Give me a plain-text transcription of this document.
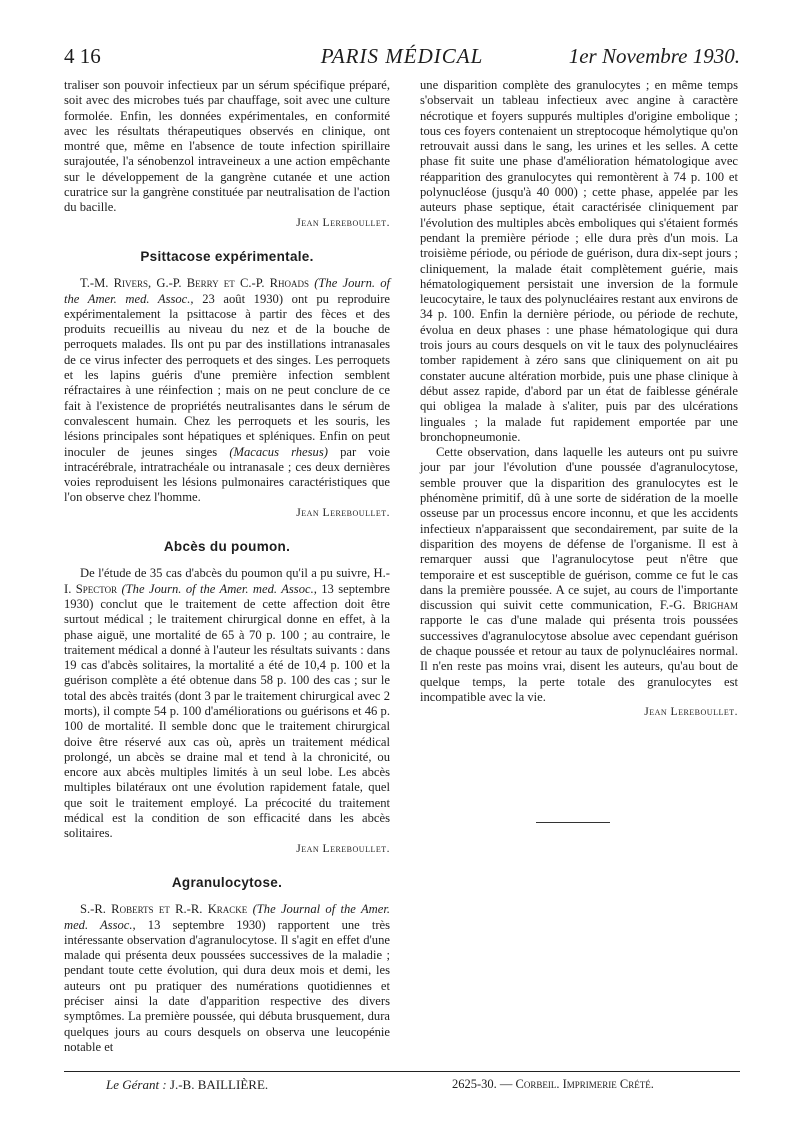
4 16	PARIS MÉDICAL	1er Novembre 1930.

traliser son pouvoir infectieux par un sérum spécifique préparé, soit avec des microbes tués par chauffage, soit avec une culture formolée. Enfin, les données expérimentales, en conformité avec les résultats thérapeutiques observés en clinique, ont montré que, même en l'absence de toute infection spirillaire surajoutée, l'a sénobenzol intraveineux a une action empêchante sur le développement de la gangrène cutanée et une action curatrice sur la gangrène constituée par neutralisation de l'action du bacille.

Jean Lereboullet.

Psittacose expérimentale.

T.-M. Rivers, G.-P. Berry et C.-P. Rhoads (The Journ. of the Amer. med. Assoc., 23 août 1930) ont pu reproduire expérimentalement la psittacose à partir des fèces et des produits recueillis au niveau du nez et de la bouche de perroquets malades. Ils ont pu par des instillations intranasales de ce virus infecter des perroquets et des singes. Les perroquets et les lapins guéris d'une première infection semblent réfractaires à une réinfection ; mais on ne peut conclure de ce fait à l'existence de propriétés neutralisantes dans le sérum de convalescent humain. Chez les perroquets et les souris, les lésions principales sont hépatiques et spléniques. Enfin on peut inoculer de jeunes singes (Macacus rhesus) par voie intracérébrale, intratrachéale ou intranasale ; ces deux dernières voies reproduisent les lésions pulmonaires caractéristiques que l'on observe chez l'homme.

Jean Lereboullet.

Abcès du poumon.

De l'étude de 35 cas d'abcès du poumon qu'il a pu suivre, H.-I. Spector (The Journ. of the Amer. med. Assoc., 13 septembre 1930) conclut que le traitement de cette affection doit être surtout médical ; le traitement chirurgical donne en effet, à la phase aiguë, une mortalité de 65 à 70 p. 100 ; au contraire, le traitement médical a donné à l'auteur les résultats suivants : dans 19 cas d'abcès solitaires, la mortalité a été de 10,4 p. 100 et la guérison complète a été obtenue dans 58 p. 100 des cas ; sur le total des abcès traités (dont 3 par le traitement chirurgical avec 2 morts), il compte 54 p. 100 d'améliorations ou guérisons et 46 p. 100 de mortalité. Il semble donc que le traitement chirurgical doive être réservé aux cas où, après un traitement médical prolongé, un abcès se draine mal et tend à la chronicité, ou encore aux abcès multiples limités à un seul lobe. Les abcès multiples bilatéraux ont une évolution rapidement fatale, quel que soit le traitement employé. La précocité du traitement médical est la condition de son efficacité dans les abcès solitaires.

Jean Lereboullet.

Agranulocytose.

S.-R. Roberts et R.-R. Kracke (The Journal of the Amer. med. Assoc., 13 septembre 1930) rapportent une très intéressante observation d'agranulocytose. Il s'agit en effet d'une malade qui présenta deux poussées successives de la maladie ; pendant toute cette évolution, qui dura deux mois et demi, les auteurs ont pu pratiquer des numérations quotidiennes et préciser ainsi la date d'apparition respective des divers symptômes. La première poussée, qui débuta brusquement, dura quelques jours au cours desquels on observa une leucopénie notable et

une disparition complète des granulocytes ; en même temps s'observait un tableau infectieux avec angine à caractère nécrotique et foyers suppurés multiples d'origine embolique ; tous ces foyers contenaient un streptocoque hémolytique qu'on retrouvait aussi dans le sang, les urines et les selles. A cette phase fit suite une phase d'amélioration hématologique avec réapparition des granulocytes qui remontèrent à 74 p. 100 et polynucléose (jusqu'à 40 000) ; cette phase, appelée par les auteurs phase septique, était caractérisée cliniquement par l'évolution des multiples abcès emboliques qui s'étaient formés pendant la première période ; elle dura près d'un mois. La troisième période, ou période de guérison, dura dix-sept jours ; cliniquement, la malade était complètement guérie, mais hématologiquement persistait une inversion de la formule leucocytaire, le taux des polynucléaires restant aux environs de 34 p. 100. Enfin la dernière période, ou période de rechute, évolua en deux phases : une phase hématologique qui dura trois jours au cours desquels on vit le taux des polynucléaires tomber rapidement à zéro sans que cliniquement on ait pu constater aucune altération morbide, puis une phase clinique à début assez rapide, d'abord par un état de faiblesse générale qui obligea la malade à s'aliter, puis par des ulcérations linguales ; la malade fut rapidement emportée par une bronchopneumonie.

Cette observation, dans laquelle les auteurs ont pu suivre jour par jour l'évolution d'une poussée d'agranulocytose, semble prouver que la disparition des granulocytes est le phénomène primitif, dû à une sorte de sidération de la moelle osseuse par un processus encore inconnu, et que les accidents infectieux n'apparaissent que secondairement, par suite de la disparition des moyens de défense de l'organisme. Il est à remarquer aussi que l'agranulocytose peut n'être que temporaire et est susceptible de guérison, comme ce fut le cas dans la première poussée. A ce sujet, au cours de l'importante discussion qui suivit cette communication, F.-G. Brigham rapporte le cas d'une malade qui présenta trois poussées successives d'agranulocytose absolue avec cependant guérison de chaque poussée et retour au taux de polynucléaires normal. Il n'en reste pas moins vrai, disent les auteurs, qu'au bout de quelque temps, la perte totale des granulocytes est incompatible avec la vie.

Jean Lereboullet.

Le Gérant : J.-B. BAILLIÈRE.	2625-30. — Corbeil. Imprimerie Crété.
